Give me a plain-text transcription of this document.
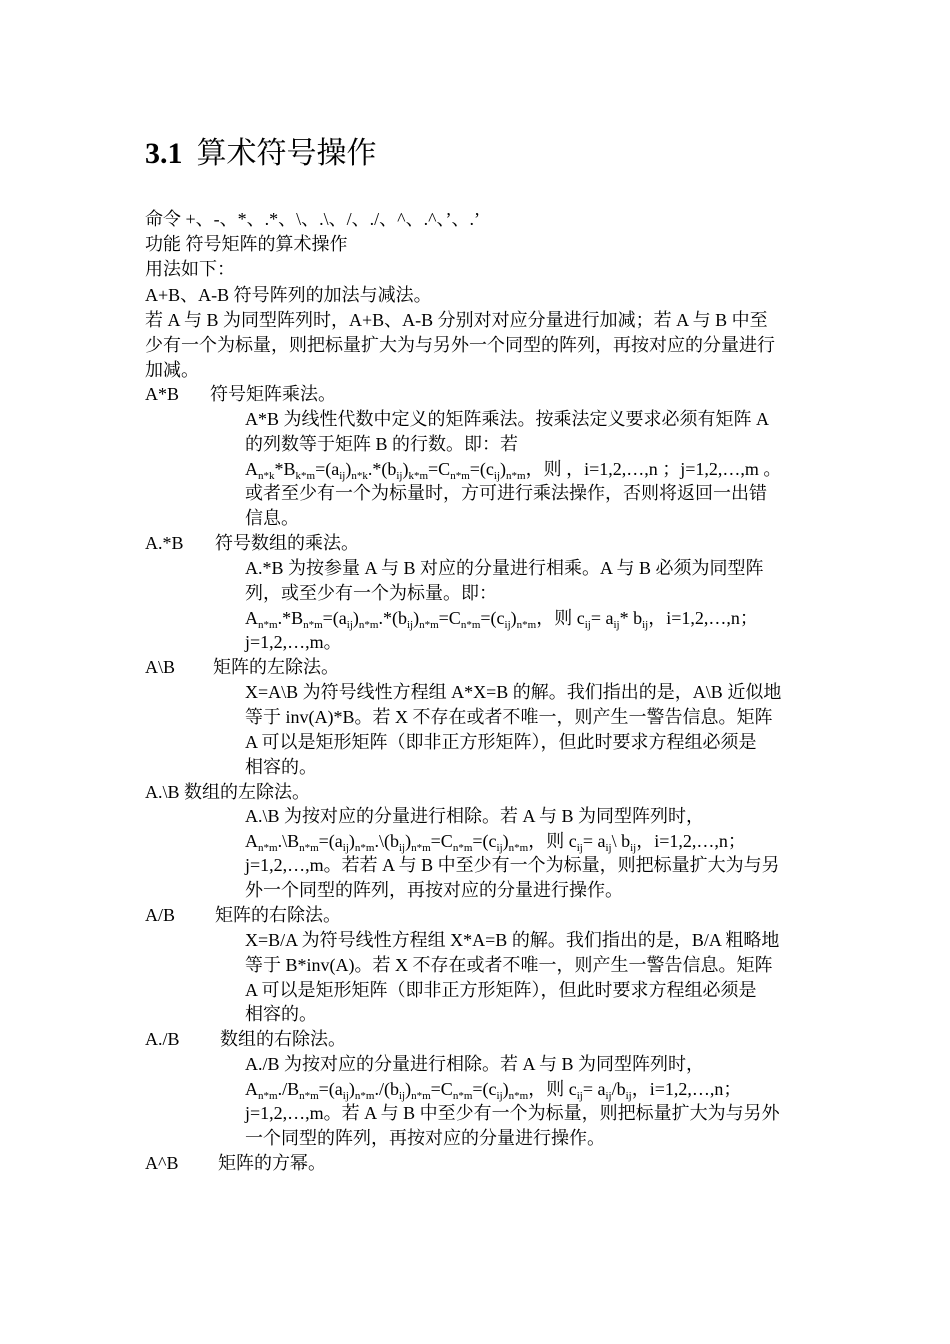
3.1 算术符号操作
命令 +、-、*、.*、\、.\、/、./、^、.^、’、.’
功能 符号矩阵的算术操作
用法如下：
A+B、A-B 符号阵列的加法与减法。
若 A 与 B 为同型阵列时，A+B、A-B 分别对对应分量进行加减；若 A 与 B 中至
少有一个为标量，则把标量扩大为与另外一个同型的阵列，再按对应的分量进行
加减。
A*B 符号矩阵乘法。
A*B 为线性代数中定义的矩阵乘法。按乘法定义要求必须有矩阵 A
的列数等于矩阵 B 的行数。即：若
$A_{n*k}*B_{k*m}=(a_{ij})_{n*k}.*(b_{ij})_{k*m}=C_{n*m}=(c_{ij})_{n*m}$，则 ，i=1,2,…,n ；j=1,2,…,m 。
或者至少有一个为标量时，方可进行乘法操作，否则将返回一出错
信息。
A.*B 符号数组的乘法。
A.*B 为按参量 A 与 B 对应的分量进行相乘。A 与 B 必须为同型阵
列，或至少有一个为标量。即：
$A_{n*m}.*B_{n*m}=(a_{ij})_{n*m}.*(b_{ij})_{n*m}=C_{n*m}=(c_{ij})_{n*m}$，则 $c_{ij}= a_{ij}*$ $b_{ij}$，i=1,2,…,n；
j=1,2,…,m。
A\B 矩阵的左除法。
X=A\B 为符号线性方程组 A*X=B 的解。我们指出的是，A\B 近似地
等于 inv(A)*B。若 X 不存在或者不唯一，则产生一警告信息。矩阵
A 可以是矩形矩阵（即非正方形矩阵），但此时要求方程组必须是
相容的。
A.\B 数组的左除法。
A.\B 为按对应的分量进行相除。若 A 与 B 为同型阵列时，
$A_{n*m}.\backslash B_{n*m}=(a_{ij})_{n*m}.\backslash(b_{ij})_{n*m}=C_{n*m}=(c_{ij})_{n*m}$，则 $c_{ij}=$ $a_{ij}\backslash$ $b_{ij}$，i=1,2,…,n；
j=1,2,…,m。若若 A 与 B 中至少有一个为标量，则把标量扩大为与另
外一个同型的阵列，再按对应的分量进行操作。
A/B 矩阵的右除法。
X=B/A 为符号线性方程组 X*A=B 的解。我们指出的是，B/A 粗略地
等于 B*inv(A)。若 X 不存在或者不唯一，则产生一警告信息。矩阵
A 可以是矩形矩阵（即非正方形矩阵），但此时要求方程组必须是
相容的。
A./B 数组的右除法。
A./B 为按对应的分量进行相除。若 A 与 B 为同型阵列时，
$A_{n*m}./B_{n*m}=(a_{ij})_{n*m}./(b_{ij})_{n*m}=C_{n*m}=(c_{ij})_{n*m}$，则 $c_{ij}= a_{ij}/b_{ij}$，i=1,2,…,n；
j=1,2,…,m。若 A 与 B 中至少有一个为标量，则把标量扩大为与另外
一个同型的阵列，再按对应的分量进行操作。
A^B 矩阵的方幂。
